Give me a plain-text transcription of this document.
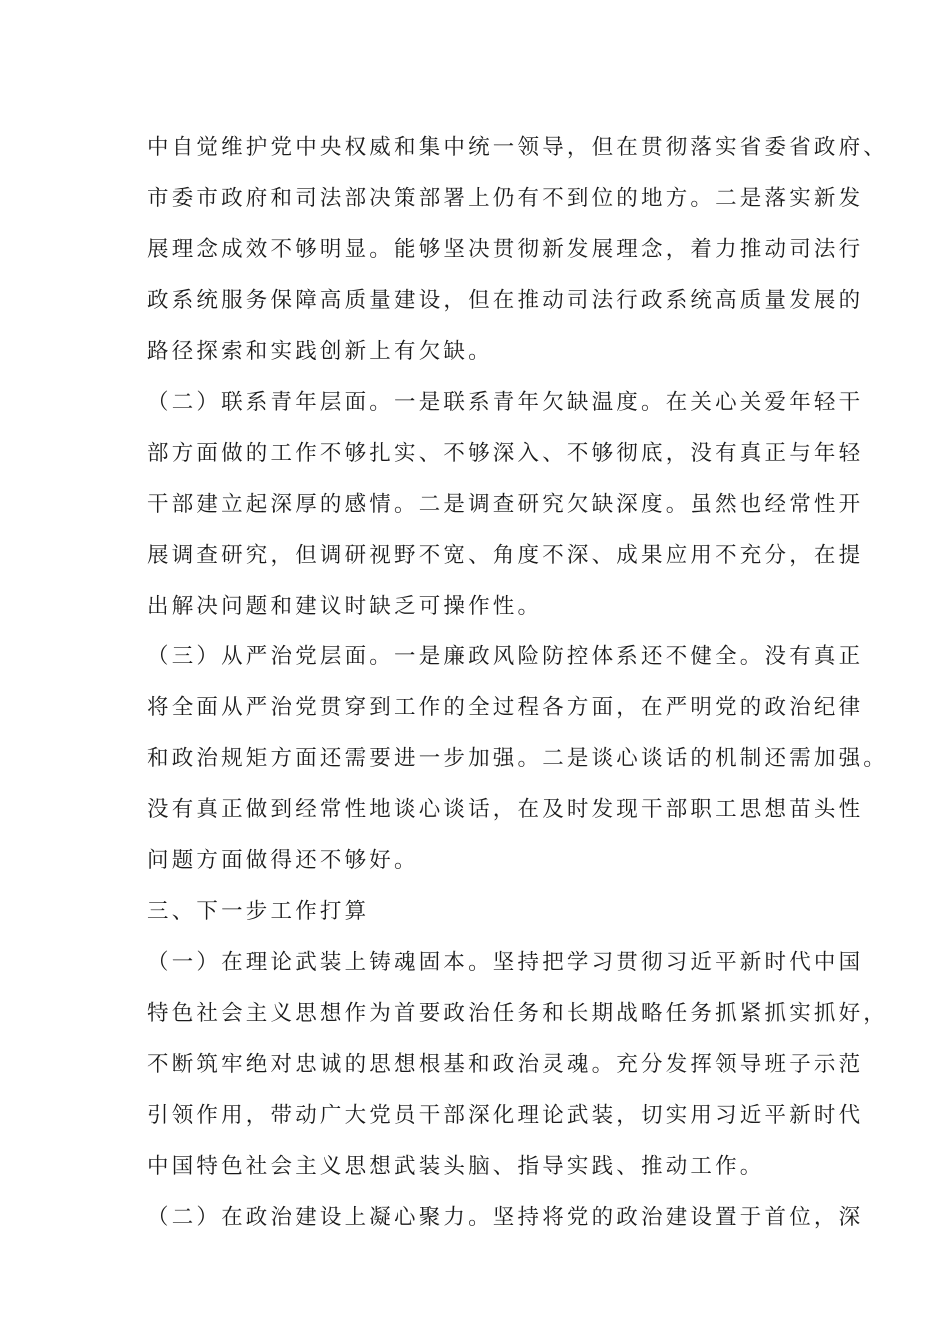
中自觉维护党中央权威和集中统一领导，但在贯彻落实省委省政府、
市委市政府和司法部决策部署上仍有不到位的地方。二是落实新发
展理念成效不够明显。能够坚决贯彻新发展理念，着力推动司法行
政系统服务保障高质量建设，但在推动司法行政系统高质量发展的
路径探索和实践创新上有欠缺。
（二）联系青年层面。一是联系青年欠缺温度。在关心关爱年轻干
部方面做的工作不够扎实、不够深入、不够彻底，没有真正与年轻
干部建立起深厚的感情。二是调查研究欠缺深度。虽然也经常性开
展调查研究，但调研视野不宽、角度不深、成果应用不充分，在提
出解决问题和建议时缺乏可操作性。
（三）从严治党层面。一是廉政风险防控体系还不健全。没有真正
将全面从严治党贯穿到工作的全过程各方面，在严明党的政治纪律
和政治规矩方面还需要进一步加强。二是谈心谈话的机制还需加强。
没有真正做到经常性地谈心谈话，在及时发现干部职工思想苗头性
问题方面做得还不够好。
三、下一步工作打算
（一）在理论武装上铸魂固本。坚持把学习贯彻习近平新时代中国
特色社会主义思想作为首要政治任务和长期战略任务抓紧抓实抓好，
不断筑牢绝对忠诚的思想根基和政治灵魂。充分发挥领导班子示范
引领作用，带动广大党员干部深化理论武装，切实用习近平新时代
中国特色社会主义思想武装头脑、指导实践、推动工作。
（二）在政治建设上凝心聚力。坚持将党的政治建设置于首位，深
